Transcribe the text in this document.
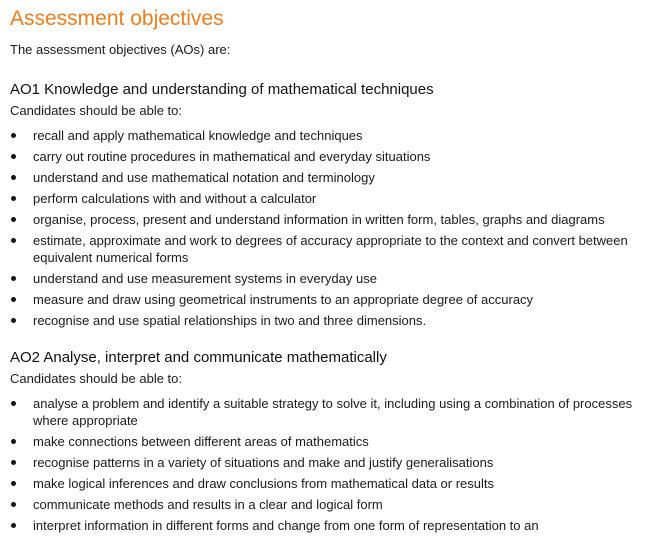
Assessment objectives

The assessment objectives (AOs) are:

AO1 Knowledge and understanding of mathematical techniques

Candidates should be able to:

recall and apply mathematical knowledge and techniques
carry out routine procedures in mathematical and everyday situations
understand and use mathematical notation and terminology
perform calculations with and without a calculator
organise, process, present and understand information in written form, tables, graphs and diagrams
estimate, approximate and work to degrees of accuracy appropriate to the context and convert between equivalent numerical forms
understand and use measurement systems in everyday use
measure and draw using geometrical instruments to an appropriate degree of accuracy
recognise and use spatial relationships in two and three dimensions.
AO2 Analyse, interpret and communicate mathematically

Candidates should be able to:

analyse a problem and identify a suitable strategy to solve it, including using a combination of processes where appropriate
make connections between different areas of mathematics
recognise patterns in a variety of situations and make and justify generalisations
make logical inferences and draw conclusions from mathematical data or results
communicate methods and results in a clear and logical form
interpret information in different forms and change from one form of representation to an
